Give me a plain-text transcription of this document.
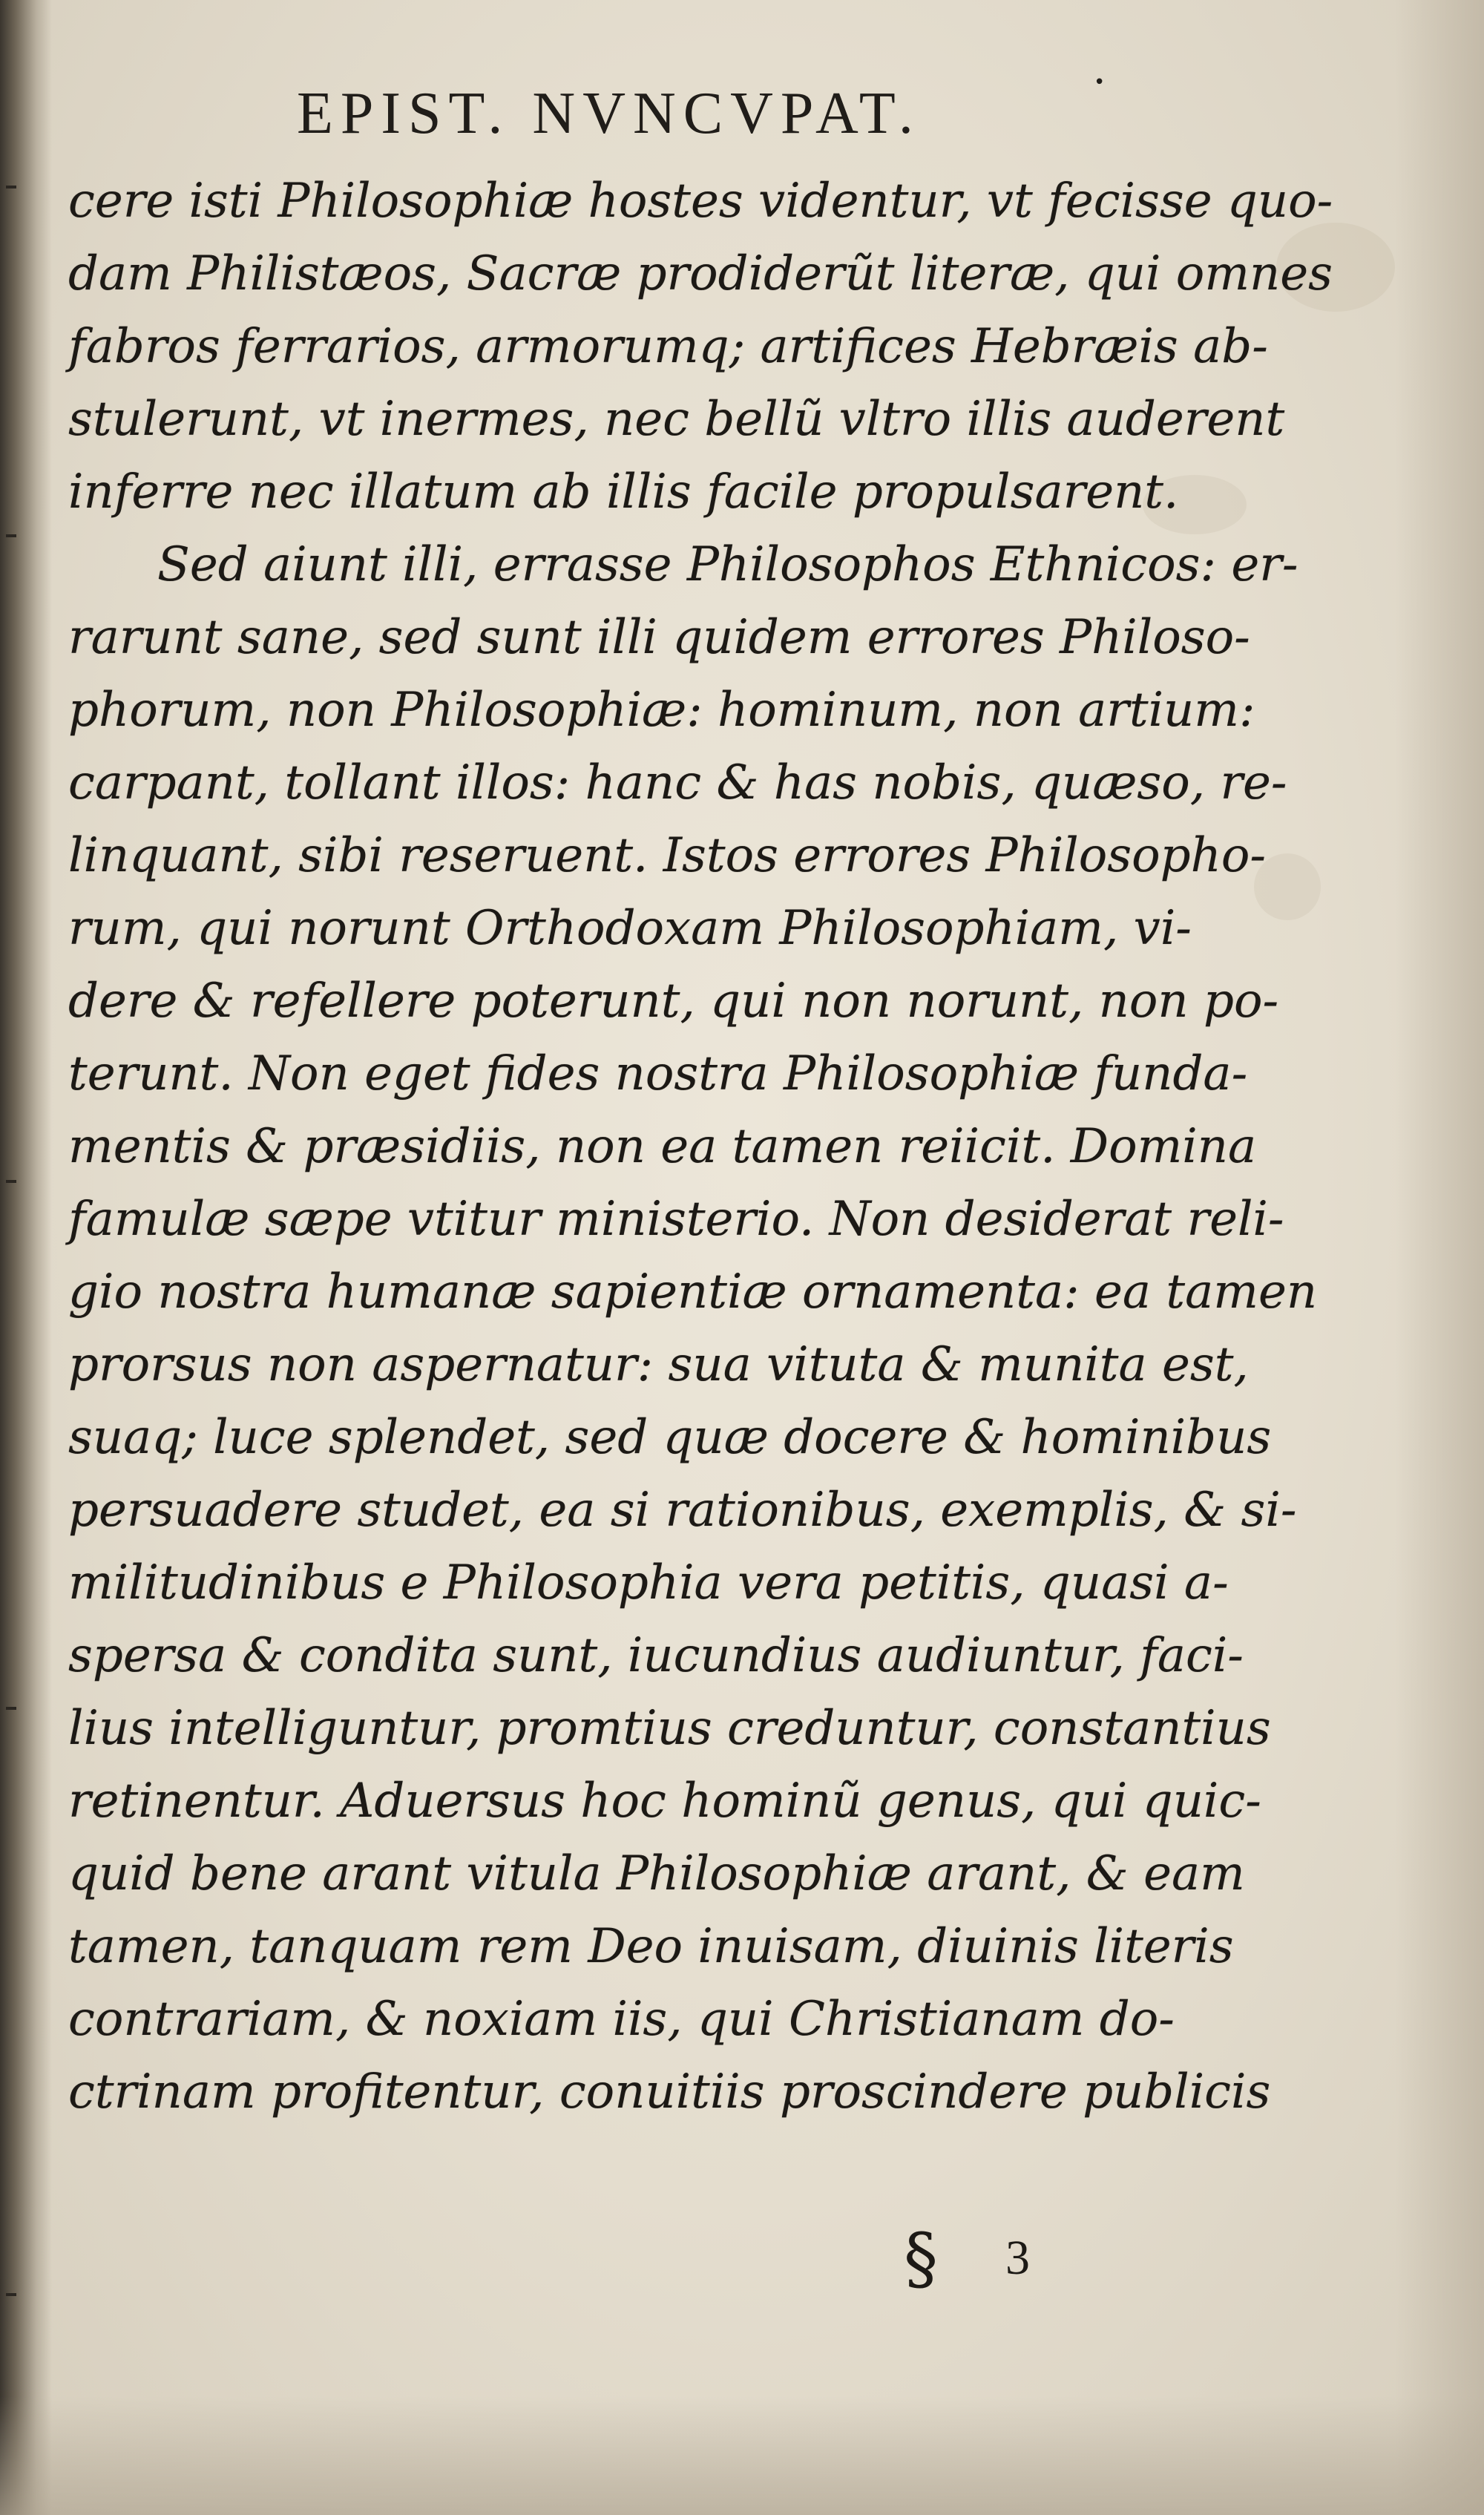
EPIST. NVNCVPAT.	•
cere isti Philosophiæ hostes videntur, vt fecisse quo-
dam Philistæos, Sacræ prodiderũt literæ, qui omnes
fabros ferrarios, armorumq; artifices Hebræis ab-
stulerunt, vt inermes, nec bellũ vltro illis auderent
inferre nec illatum ab illis facile propulsarent.
Sed aiunt illi, errasse Philosophos Ethnicos: er-
rarunt sane, sed sunt illi quidem errores Philoso-
phorum, non Philosophiæ: hominum, non artium:
carpant, tollant illos: hanc & has nobis, quæso, re-
linquant, sibi reseruent. Istos errores Philosopho-
rum, qui norunt Orthodoxam Philosophiam, vi-
dere & refellere poterunt, qui non norunt, non po-
terunt. Non eget fides nostra Philosophiæ funda-
mentis & præsidiis, non ea tamen reiicit. Domina
famulæ sæpe vtitur ministerio. Non desiderat reli-
gio nostra humanæ sapientiæ ornamenta: ea tamen
prorsus non aspernatur: sua vituta & munita est,
suaq; luce splendet, sed quæ docere & hominibus
persuadere studet, ea si rationibus, exemplis, & si-
militudinibus e Philosophia vera petitis, quasi a-
spersa & condita sunt, iucundius audiuntur, faci-
lius intelliguntur, promtius creduntur, constantius
retinentur. Aduersus hoc hominũ genus, qui quic-
quid bene arant vitula Philosophiæ arant, & eam
tamen, tanquam rem Deo inuisam, diuinis literis
contrariam, & noxiam iis, qui Christianam do-
ctrinam profitentur, conuitiis proscindere publicis
§ 3
